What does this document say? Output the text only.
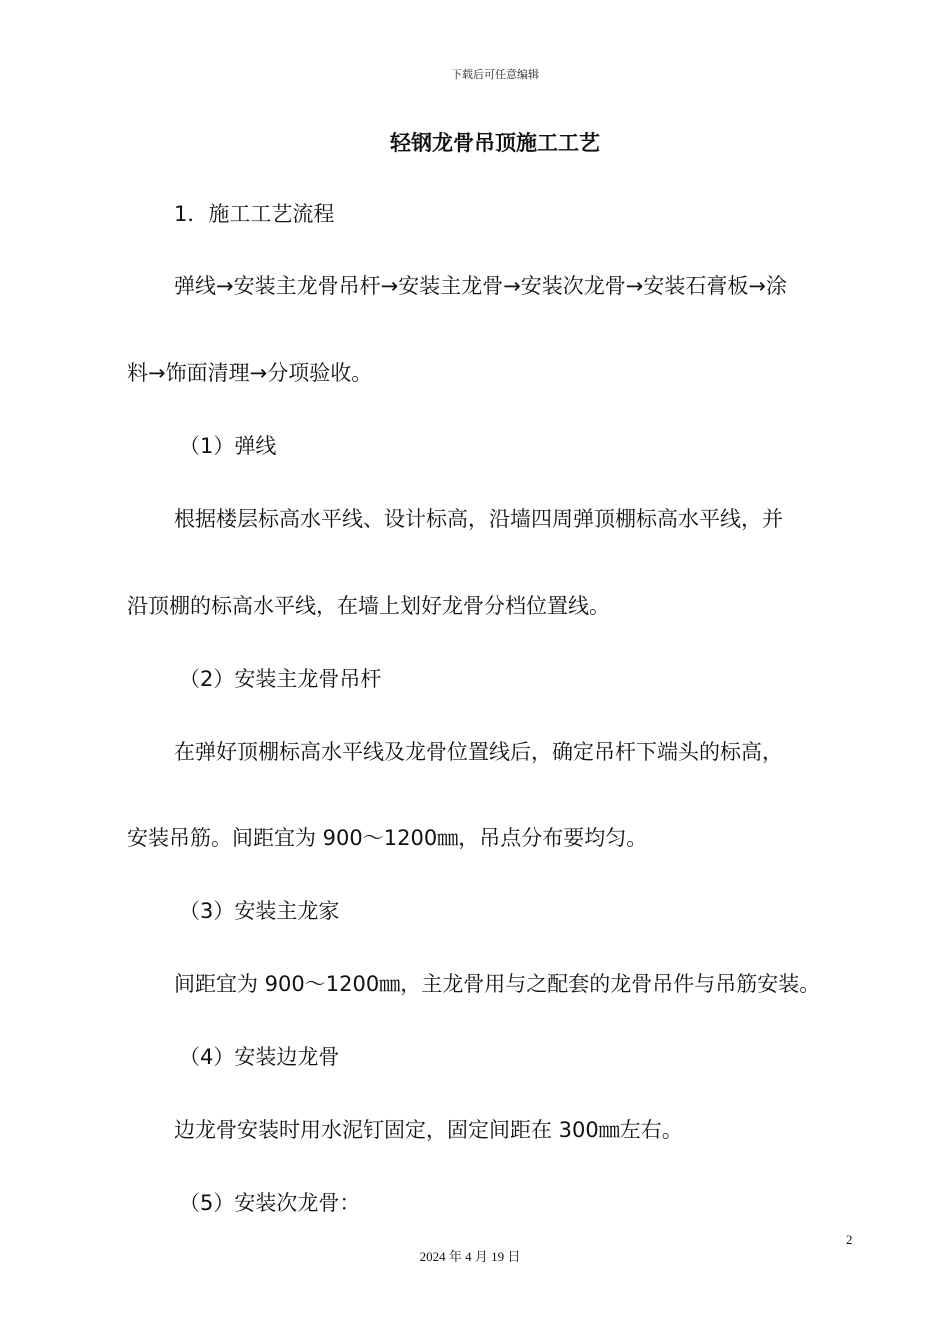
下载后可任意编辑
轻钢龙骨吊顶施工工艺
1．施工工艺流程
弹线→安装主龙骨吊杆→安装主龙骨→安装次龙骨→安装石膏板→涂
料→饰面清理→分项验收。
（1）弹线
根据楼层标高水平线、设计标高，沿墙四周弹顶棚标高水平线，并
沿顶棚的标高水平线，在墙上划好龙骨分档位置线。
（2）安装主龙骨吊杆
在弹好顶棚标高水平线及龙骨位置线后，确定吊杆下端头的标高，
安装吊筋。间距宜为 900～1200㎜，吊点分布要均匀。
（3）安装主龙家
间距宜为 900～1200㎜，主龙骨用与之配套的龙骨吊件与吊筋安装。
（4）安装边龙骨
边龙骨安装时用水泥钉固定，固定间距在 300㎜左右。
（5）安装次龙骨：
2
2024 年 4 月 19 日
